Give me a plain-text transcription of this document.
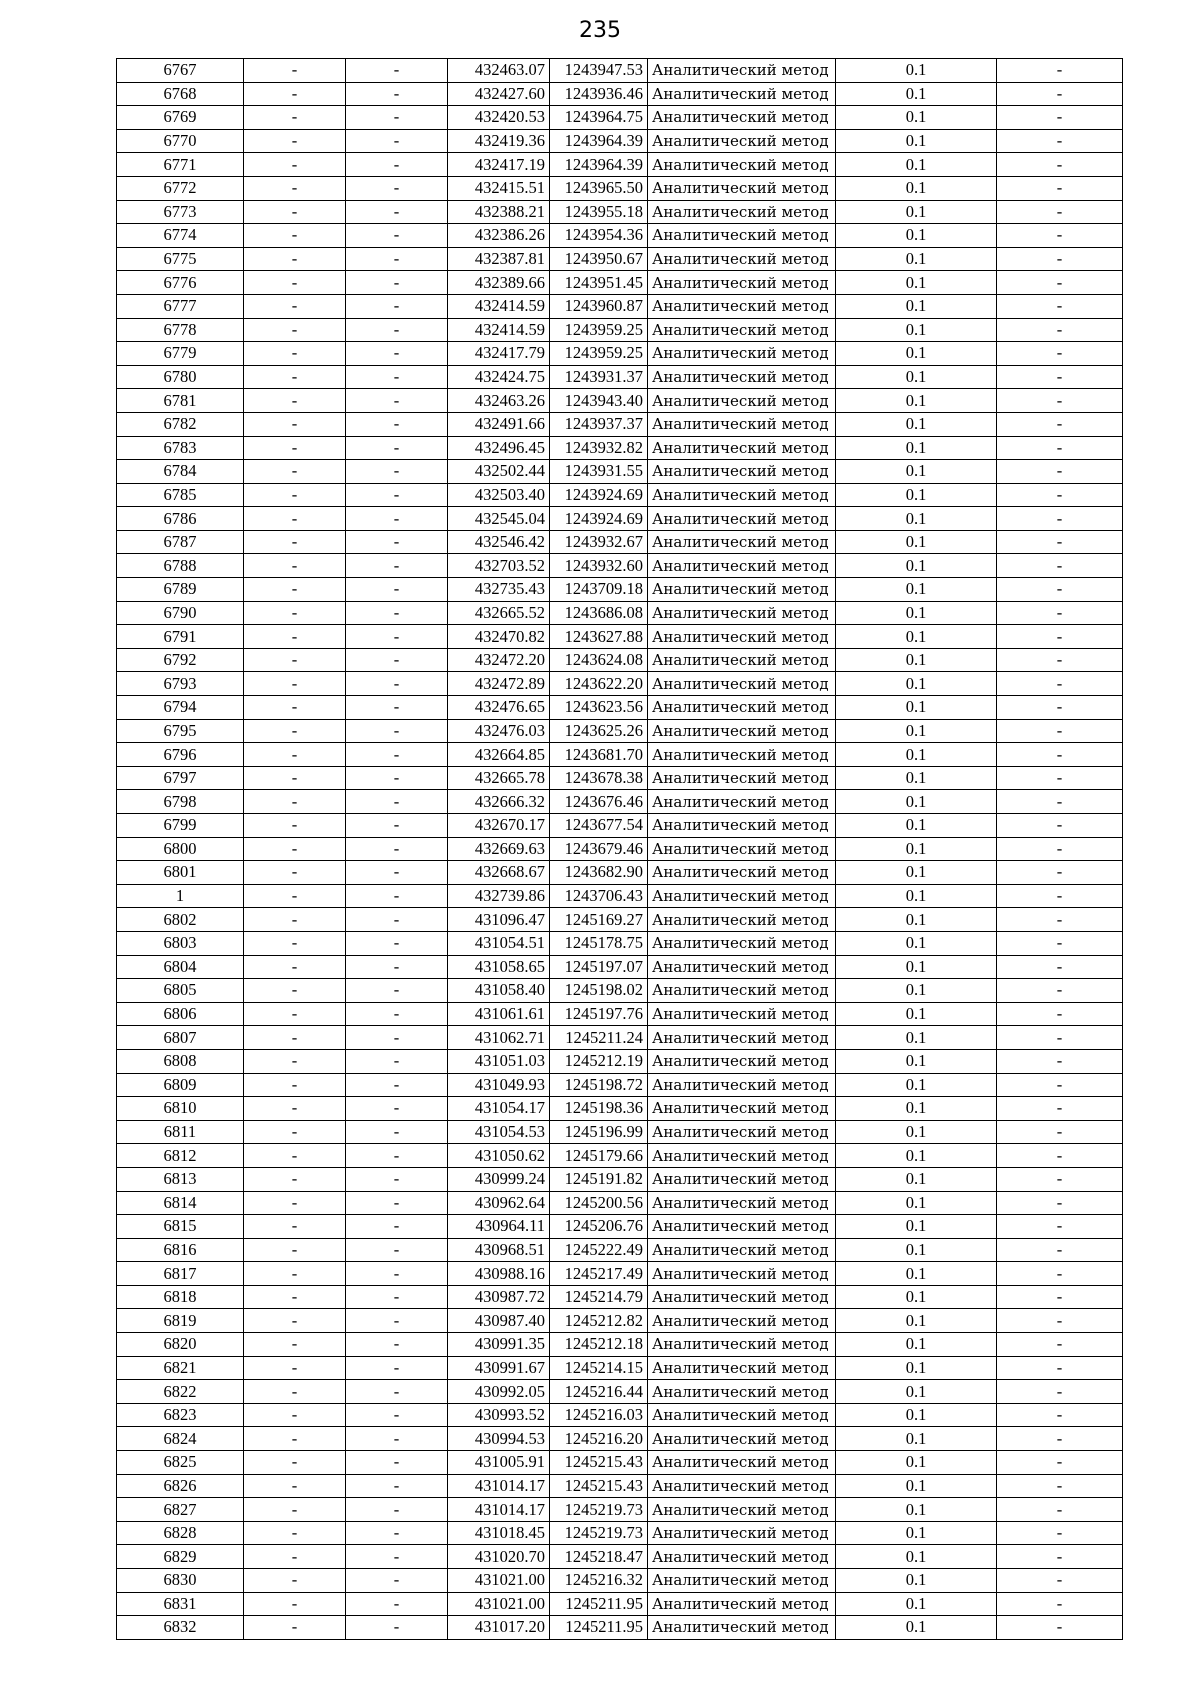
235
6767	-	-	432463.07	1243947.53	Аналитический метод	0.1	-
6768	-	-	432427.60	1243936.46	Аналитический метод	0.1	-
6769	-	-	432420.53	1243964.75	Аналитический метод	0.1	-
6770	-	-	432419.36	1243964.39	Аналитический метод	0.1	-
6771	-	-	432417.19	1243964.39	Аналитический метод	0.1	-
6772	-	-	432415.51	1243965.50	Аналитический метод	0.1	-
6773	-	-	432388.21	1243955.18	Аналитический метод	0.1	-
6774	-	-	432386.26	1243954.36	Аналитический метод	0.1	-
6775	-	-	432387.81	1243950.67	Аналитический метод	0.1	-
6776	-	-	432389.66	1243951.45	Аналитический метод	0.1	-
6777	-	-	432414.59	1243960.87	Аналитический метод	0.1	-
6778	-	-	432414.59	1243959.25	Аналитический метод	0.1	-
6779	-	-	432417.79	1243959.25	Аналитический метод	0.1	-
6780	-	-	432424.75	1243931.37	Аналитический метод	0.1	-
6781	-	-	432463.26	1243943.40	Аналитический метод	0.1	-
6782	-	-	432491.66	1243937.37	Аналитический метод	0.1	-
6783	-	-	432496.45	1243932.82	Аналитический метод	0.1	-
6784	-	-	432502.44	1243931.55	Аналитический метод	0.1	-
6785	-	-	432503.40	1243924.69	Аналитический метод	0.1	-
6786	-	-	432545.04	1243924.69	Аналитический метод	0.1	-
6787	-	-	432546.42	1243932.67	Аналитический метод	0.1	-
6788	-	-	432703.52	1243932.60	Аналитический метод	0.1	-
6789	-	-	432735.43	1243709.18	Аналитический метод	0.1	-
6790	-	-	432665.52	1243686.08	Аналитический метод	0.1	-
6791	-	-	432470.82	1243627.88	Аналитический метод	0.1	-
6792	-	-	432472.20	1243624.08	Аналитический метод	0.1	-
6793	-	-	432472.89	1243622.20	Аналитический метод	0.1	-
6794	-	-	432476.65	1243623.56	Аналитический метод	0.1	-
6795	-	-	432476.03	1243625.26	Аналитический метод	0.1	-
6796	-	-	432664.85	1243681.70	Аналитический метод	0.1	-
6797	-	-	432665.78	1243678.38	Аналитический метод	0.1	-
6798	-	-	432666.32	1243676.46	Аналитический метод	0.1	-
6799	-	-	432670.17	1243677.54	Аналитический метод	0.1	-
6800	-	-	432669.63	1243679.46	Аналитический метод	0.1	-
6801	-	-	432668.67	1243682.90	Аналитический метод	0.1	-
1	-	-	432739.86	1243706.43	Аналитический метод	0.1	-
6802	-	-	431096.47	1245169.27	Аналитический метод	0.1	-
6803	-	-	431054.51	1245178.75	Аналитический метод	0.1	-
6804	-	-	431058.65	1245197.07	Аналитический метод	0.1	-
6805	-	-	431058.40	1245198.02	Аналитический метод	0.1	-
6806	-	-	431061.61	1245197.76	Аналитический метод	0.1	-
6807	-	-	431062.71	1245211.24	Аналитический метод	0.1	-
6808	-	-	431051.03	1245212.19	Аналитический метод	0.1	-
6809	-	-	431049.93	1245198.72	Аналитический метод	0.1	-
6810	-	-	431054.17	1245198.36	Аналитический метод	0.1	-
6811	-	-	431054.53	1245196.99	Аналитический метод	0.1	-
6812	-	-	431050.62	1245179.66	Аналитический метод	0.1	-
6813	-	-	430999.24	1245191.82	Аналитический метод	0.1	-
6814	-	-	430962.64	1245200.56	Аналитический метод	0.1	-
6815	-	-	430964.11	1245206.76	Аналитический метод	0.1	-
6816	-	-	430968.51	1245222.49	Аналитический метод	0.1	-
6817	-	-	430988.16	1245217.49	Аналитический метод	0.1	-
6818	-	-	430987.72	1245214.79	Аналитический метод	0.1	-
6819	-	-	430987.40	1245212.82	Аналитический метод	0.1	-
6820	-	-	430991.35	1245212.18	Аналитический метод	0.1	-
6821	-	-	430991.67	1245214.15	Аналитический метод	0.1	-
6822	-	-	430992.05	1245216.44	Аналитический метод	0.1	-
6823	-	-	430993.52	1245216.03	Аналитический метод	0.1	-
6824	-	-	430994.53	1245216.20	Аналитический метод	0.1	-
6825	-	-	431005.91	1245215.43	Аналитический метод	0.1	-
6826	-	-	431014.17	1245215.43	Аналитический метод	0.1	-
6827	-	-	431014.17	1245219.73	Аналитический метод	0.1	-
6828	-	-	431018.45	1245219.73	Аналитический метод	0.1	-
6829	-	-	431020.70	1245218.47	Аналитический метод	0.1	-
6830	-	-	431021.00	1245216.32	Аналитический метод	0.1	-
6831	-	-	431021.00	1245211.95	Аналитический метод	0.1	-
6832	-	-	431017.20	1245211.95	Аналитический метод	0.1	-
